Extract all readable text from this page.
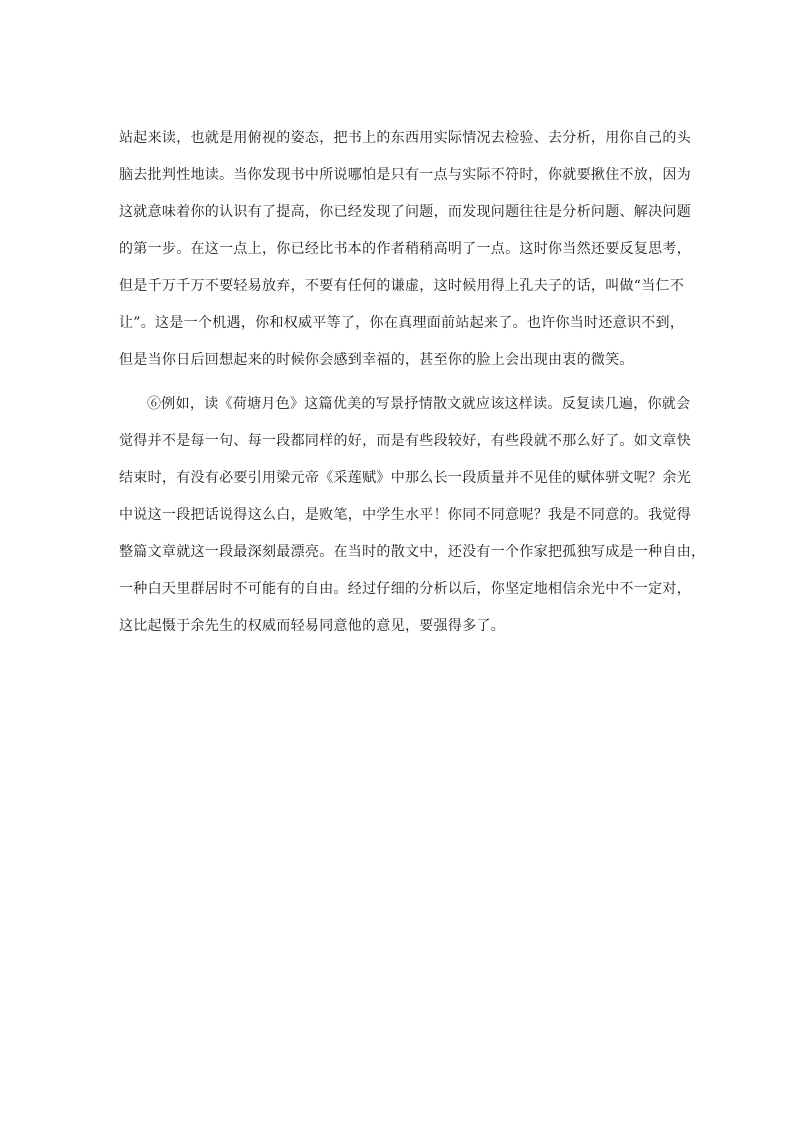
站起来读，也就是用俯视的姿态，把书上的东西用实际情况去检验、去分析，用你自己的头
脑去批判性地读。当你发现书中所说哪怕是只有一点与实际不符时，你就要揪住不放，因为
这就意味着你的认识有了提高，你已经发现了问题，而发现问题往往是分析问题、解决问题
的第一步。在这一点上，你已经比书本的作者稍稍高明了一点。这时你当然还要反复思考，
但是千万千万不要轻易放弃，不要有任何的谦虚，这时候用得上孔夫子的话，叫做“当仁不
让”。这是一个机遇，你和权威平等了，你在真理面前站起来了。也许你当时还意识不到，
但是当你日后回想起来的时候你会感到幸福的，甚至你的脸上会出现由衷的微笑。
⑥例如，读《荷塘月色》这篇优美的写景抒情散文就应该这样读。反复读几遍，你就会
觉得并不是每一句、每一段都同样的好，而是有些段较好，有些段就不那么好了。如文章快
结束时，有没有必要引用梁元帝《采莲赋》中那么长一段质量并不见佳的赋体骈文呢？余光
中说这一段把话说得这么白，是败笔，中学生水平！你同不同意呢？我是不同意的。我觉得
整篇文章就这一段最深刻最漂亮。在当时的散文中，还没有一个作家把孤独写成是一种自由，
一种白天里群居时不可能有的自由。经过仔细的分析以后，你坚定地相信余光中不一定对，
这比起慑于余先生的权威而轻易同意他的意见，要强得多了。
